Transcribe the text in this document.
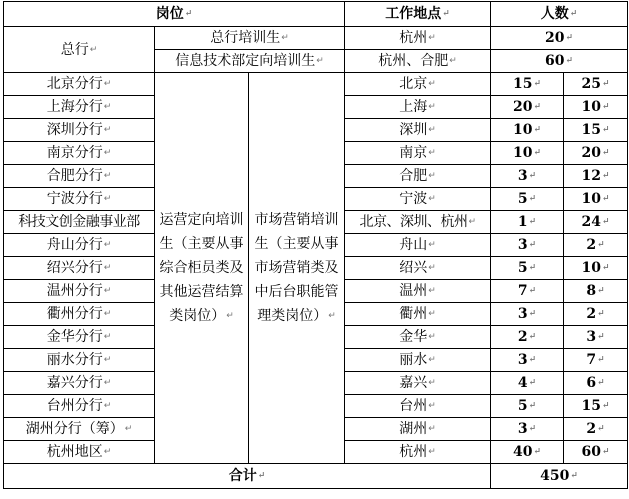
岗位↵			工作地点↵	人数↵	
总行↵	总行培训生↵		杭州↵	20↵	
	信息技术部定向培训生↵		杭州、合肥↵	60↵	
北京分行↵	运营定向培训生（主要从事综合柜员类及其他运营结算类岗位）↵	市场营销培训生（主要从事市场营销类及中后台职能管理类岗位）↵	北京↵	15↵	25↵
上海分行↵			上海↵	20↵	10↵
深圳分行↵			深圳↵	10↵	15↵
南京分行↵			南京↵	10↵	20↵
合肥分行↵			合肥↵	3↵	12↵
宁波分行↵			宁波↵	5↵	10↵
科技文创金融事业部			北京、深圳、杭州↵	1↵	24↵
舟山分行↵			舟山↵	3↵	2↵
绍兴分行↵			绍兴↵	5↵	10↵
温州分行↵			温州↵	7↵	8↵
衢州分行↵			衢州↵	3↵	2↵
金华分行↵			金华↵	2↵	3↵
丽水分行↵			丽水↵	3↵	7↵
嘉兴分行↵			嘉兴↵	4↵	6↵
台州分行↵			台州↵	5↵	15↵
湖州分行（筹）↵			湖州↵	3↵	2↵
杭州地区↵			杭州↵	40↵	60↵
合计↵				450↵	
